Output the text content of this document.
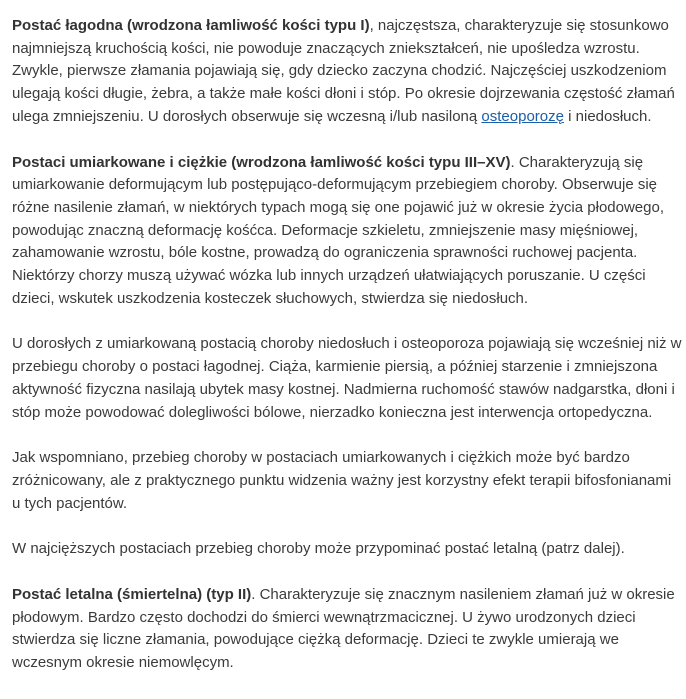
Postać łagodna (wrodzona łamliwość kości typu I), najczęstsza, charakteryzuje się stosunkowo najmniejszą kruchością kości, nie powoduje znaczących zniekształceń, nie upośledza wzrostu. Zwykle, pierwsze złamania pojawiają się, gdy dziecko zaczyna chodzić. Najczęściej uszkodzeniom ulegają kości długie, żebra, a także małe kości dłoni i stóp. Po okresie dojrzewania częstość złamań ulega zmniejszeniu. U dorosłych obserwuje się wczesną i/lub nasiloną osteoporozę i niedosłuch.

Postaci umiarkowane i ciężkie (wrodzona łamliwość kości typu III–XV). Charakteryzują się umiarkowanie deformującym lub postępująco-deformującym przebiegiem choroby. Obserwuje się różne nasilenie złamań, w niektórych typach mogą się one pojawić już w okresie życia płodowego, powodując znaczną deformację kośćca. Deformacje szkieletu, zmniejszenie masy mięśniowej, zahamowanie wzrostu, bóle kostne, prowadzą do ograniczenia sprawności ruchowej pacjenta. Niektórzy chorzy muszą używać wózka lub innych urządzeń ułatwiających poruszanie. U części dzieci, wskutek uszkodzenia kosteczek słuchowych, stwierdza się niedosłuch.

U dorosłych z umiarkowaną postacią choroby niedosłuch i osteoporoza pojawiają się wcześniej niż w przebiegu choroby o postaci łagodnej. Ciąża, karmienie piersią, a później starzenie i zmniejszona aktywność fizyczna nasilają ubytek masy kostnej. Nadmierna ruchomość stawów nadgarstka, dłoni i stóp może powodować dolegliwości bólowe, nierzadko konieczna jest interwencja ortopedyczna.

Jak wspomniano, przebieg choroby w postaciach umiarkowanych i ciężkich może być bardzo zróżnicowany, ale z praktycznego punktu widzenia ważny jest korzystny efekt terapii bifosfonianami u tych pacjentów.

W najcięższych postaciach przebieg choroby może przypominać postać letalną (patrz dalej).

Postać letalna (śmiertelna) (typ II). Charakteryzuje się znacznym nasileniem złamań już w okresie płodowym. Bardzo często dochodzi do śmierci wewnątrzmacicznej. U żywo urodzonych dzieci stwierdza się liczne złamania, powodujące ciężką deformację. Dzieci te zwykle umierają we wczesnym okresie niemowlęcym.
